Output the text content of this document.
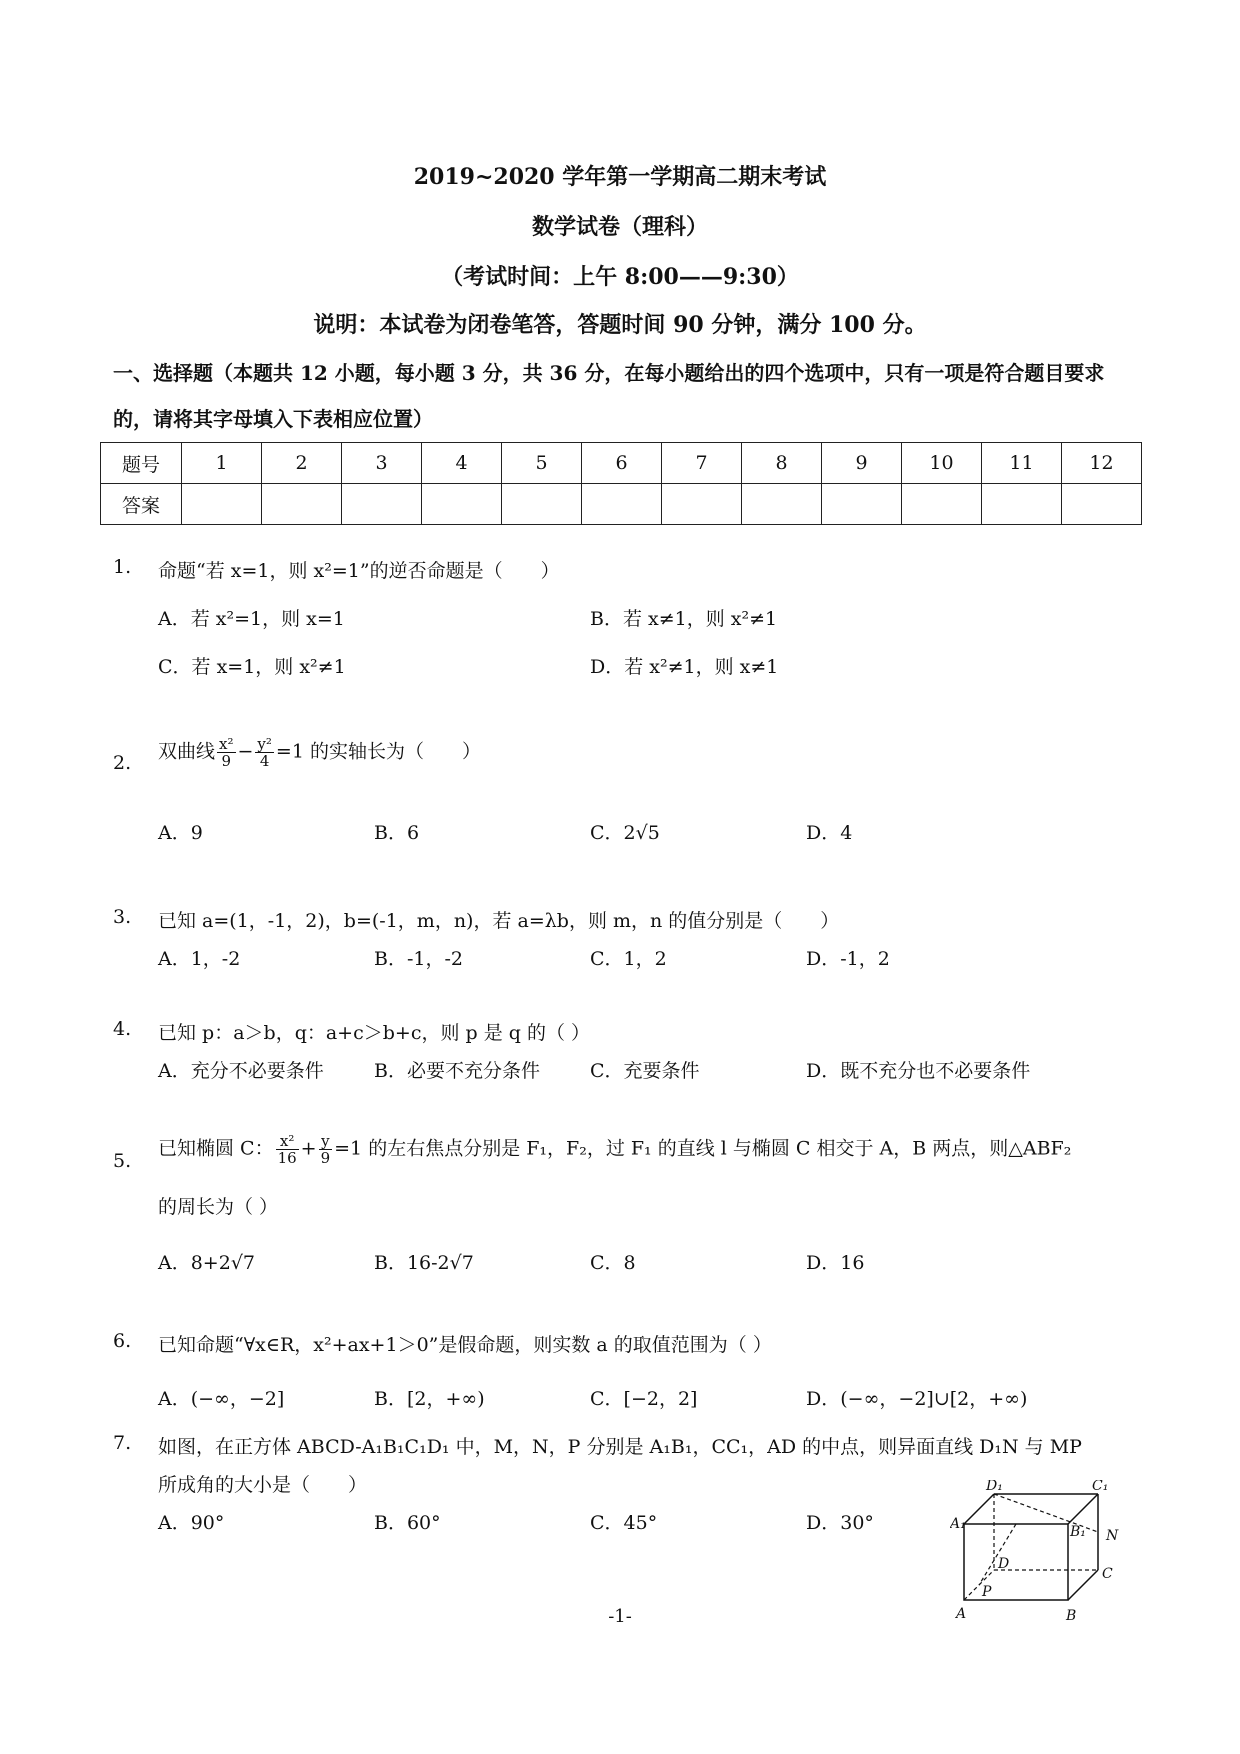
2019~2020 学年第一学期高二期末考试
数学试卷（理科）
（考试时间：上午 8:00——9:30）
说明：本试卷为闭卷笔答，答题时间 90 分钟，满分 100 分。
一、选择题（本题共 12 小题，每小题 3 分，共 36 分，在每小题给出的四个选项中，只有一项是符合题目要求的，请将其字母填入下表相应位置）
题号	1	2	3	4	5	6	7	8	9	10	11	12
答案												
1. 命题“若 x=1，则 x²=1”的逆否命题是（　　）
A．若 x²=1，则 x=1	B．若 x≠1，则 x²≠1
C．若 x=1，则 x²≠1	D．若 x²≠1，则 x≠1
2.
双曲线 $\frac{\text{x²}}{9} - \frac{\text{y²}}{4} =1$ 的实轴长为（　　）
A．9	B．6	C．2√5	D．4
3. 已知 a=(1，-1，2)，b=(-1，m，n)，若 a=λb，则 m，n 的值分别是（　　）
A．1，-2	B．-1，-2	C．1，2	D．-1，2
4. 已知 p：a＞b，q：a+c＞b+c，则 p 是 q 的（ ）
A．充分不必要条件	B．必要不充分条件	C．充要条件	D．既不充分也不必要条件
5.
已知椭圆 C： $\frac{\text{x²}}{16} + \frac{y}{9} =1$ 的左右焦点分别是 F₁，F₂，过 F₁ 的直线 l 与椭圆 C 相交于 A，B 两点，则△ABF₂
的周长为（ ）
A．8+2√7	B．16-2√7	C．8	D．16
6. 已知命题“∀x∈R，x²+ax+1＞0”是假命题，则实数 a 的取值范围为（ ）
A．(−∞，−2]	B．[2，+∞)	C．[−2，2]	D．(−∞，−2]∪[2，+∞)
7. 如图，在正方体 ABCD-A₁B₁C₁D₁ 中，M，N，P 分别是 A₁B₁，CC₁，AD 的中点，则异面直线 D₁N 与 MP
所成角的大小是（　　）
A．90°	B．60°	C．45°	D．30°
D₁	C₁
A₁	B₁ N
D
C
P
A	B
-1-
